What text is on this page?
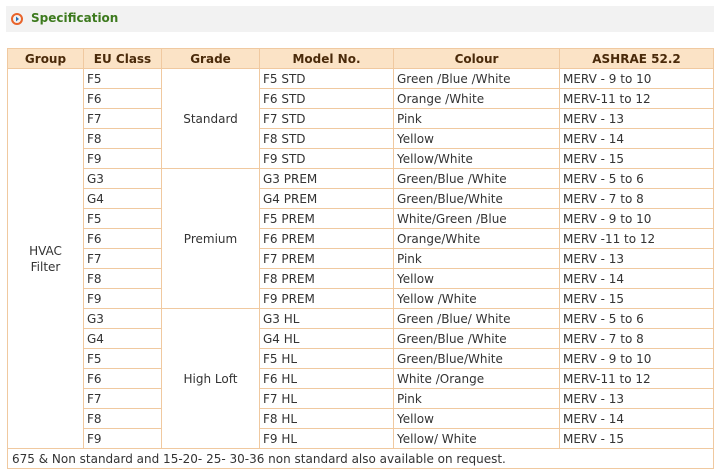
Specification
Group	EU Class	Grade	Model No.	Colour	ASHRAE 52.2
HVAC Filter	F5	Standard	F5 STD	Green /Blue /White	MERV - 9 to 10
	F6		F6 STD	Orange /White	MERV-11 to 12
	F7		F7 STD	Pink	MERV - 13
	F8		F8 STD	Yellow	MERV - 14
	F9		F9 STD	Yellow/White	MERV - 15
	G3	Premium	G3 PREM	Green/Blue /White	MERV - 5 to 6
	G4		G4 PREM	Green/Blue/White	MERV - 7 to 8
	F5		F5 PREM	White/Green /Blue	MERV - 9 to 10
	F6		F6 PREM	Orange/White	MERV -11 to 12
	F7		F7 PREM	Pink	MERV - 13
	F8		F8 PREM	Yellow	MERV - 14
	F9		F9 PREM	Yellow /White	MERV - 15
	G3	High Loft	G3 HL	Green /Blue/ White	MERV - 5 to 6
	G4		G4 HL	Green/Blue /White	MERV - 7 to 8
	F5		F5 HL	Green/Blue/White	MERV - 9 to 10
	F6		F6 HL	White /Orange	MERV-11 to 12
	F7		F7 HL	Pink	MERV - 13
	F8		F8 HL	Yellow	MERV - 14
	F9		F9 HL	Yellow/ White	MERV - 15
675 & Non standard and 15-20- 25- 30-36 non standard also available on request.					
